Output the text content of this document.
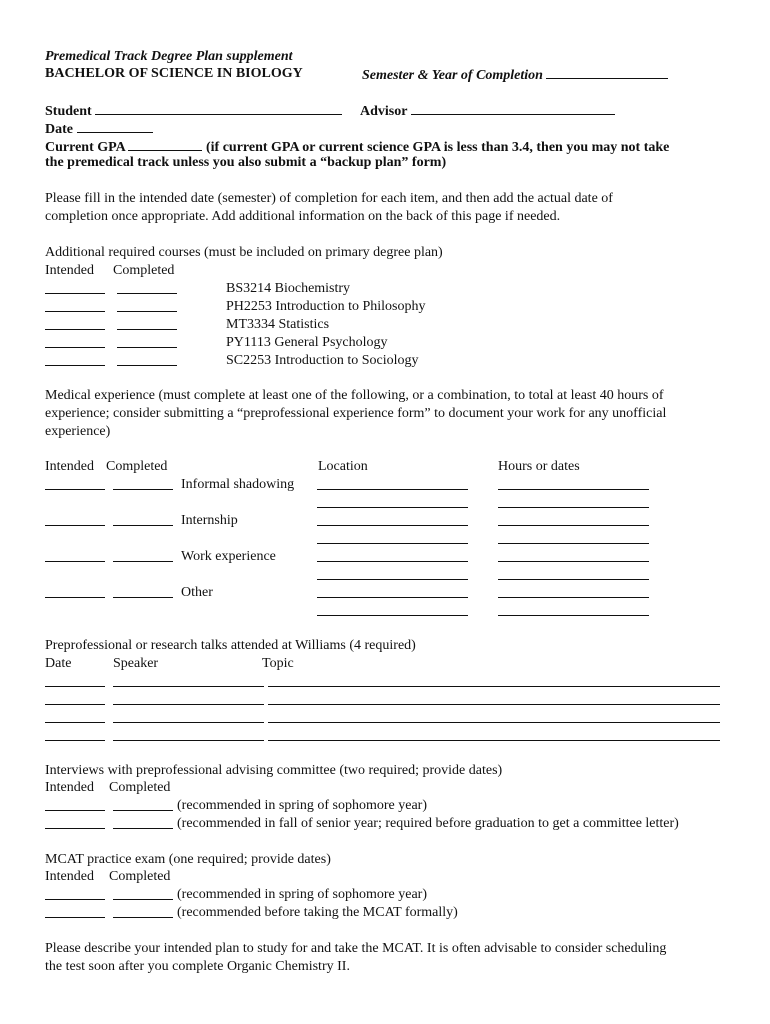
Premedical Track Degree Plan supplement
BACHELOR OF SCIENCE IN BIOLOGY	Semester & Year of Completion
Student	Advisor
Date
Current GPA	(if current GPA or current science GPA is less than 3.4, then you may not take
the premedical track unless you also submit a “backup plan” form)
Please fill in the intended date (semester) of completion for each item, and then add the actual date of
completion once appropriate. Add additional information on the back of this page if needed.
Additional required courses (must be included on primary degree plan)
Intended Completed
BS3214 Biochemistry
PH2253 Introduction to Philosophy
MT3334 Statistics
PY1113 General Psychology
SC2253 Introduction to Sociology
Medical experience (must complete at least one of the following, or a combination, to total at least 40 hours of
experience; consider submitting a “preprofessional experience form” to document your work for any unofficial
experience)
Intended Completed	Location	Hours or dates
Informal shadowing
Internship
Work experience
Other
Preprofessional or research talks attended at Williams (4 required)
Date	Speaker	Topic
Interviews with preprofessional advising committee (two required; provide dates)
Intended Completed
(recommended in spring of sophomore year)
(recommended in fall of senior year; required before graduation to get a committee letter)
MCAT practice exam (one required; provide dates)
Intended Completed
(recommended in spring of sophomore year)
(recommended before taking the MCAT formally)
Please describe your intended plan to study for and take the MCAT. It is often advisable to consider scheduling
the test soon after you complete Organic Chemistry II.
